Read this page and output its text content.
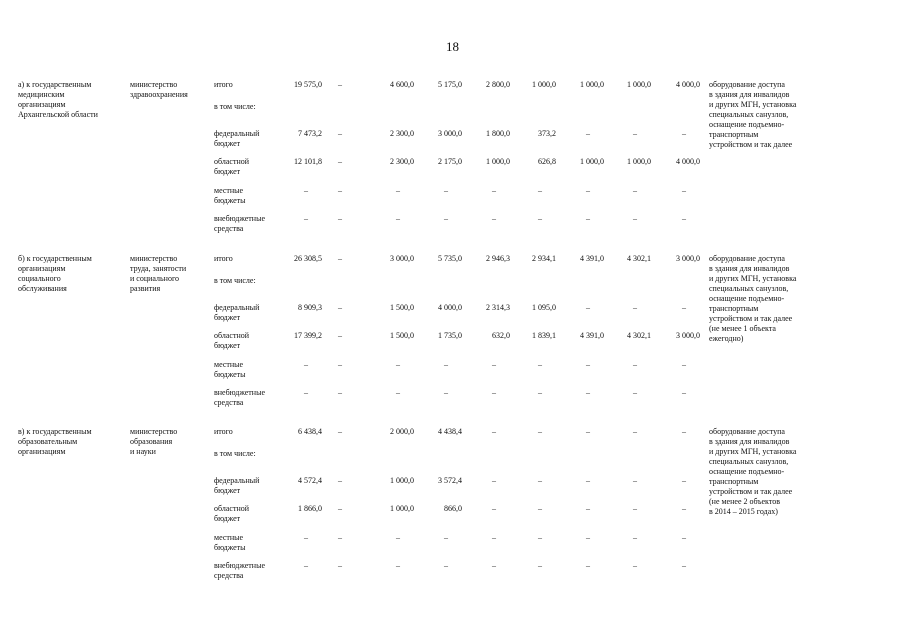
18
а) к государственным
медицинским
организациям
Архангельской области
министерство
здравоохранения
итого	19 575,0	–	4 600,0	5 175,0	2 800,0	1 000,0	1 000,0	1 000,0	4 000,0
в том числе:
федеральный
бюджет
7 473,2	–	2 300,0	3 000,0	1 800,0	373,2	–	–	–
областной
бюджет
12 101,8	–	2 300,0	2 175,0	1 000,0	626,8	1 000,0	1 000,0	4 000,0
местные
бюджеты
–	–	–	–	–	–	–	–	–
внебюджетные
средства
–	–	–	–	–	–	–	–	–
оборудование доступа
в здания для инвалидов
и других МГН, установка
специальных санузлов,
оснащение подъемно-
транспортным
устройством и так далее
б) к государственным
организациям
социального
обслуживания
министерство
труда, занятости
и социального
развития
итого	26 308,5	–	3 000,0	5 735,0	2 946,3	2 934,1	4 391,0	4 302,1	3 000,0
в том числе:
федеральный
бюджет
8 909,3	–	1 500,0	4 000,0	2 314,3	1 095,0	–	–	–
областной
бюджет
17 399,2	–	1 500,0	1 735,0	632,0	1 839,1	4 391,0	4 302,1	3 000,0
местные
бюджеты
–	–	–	–	–	–	–	–	–
внебюджетные
средства
–	–	–	–	–	–	–	–	–
оборудование доступа
в здания для инвалидов
и других МГН, установка
специальных санузлов,
оснащение подъемно-
транспортным
устройством и так далее
(не менее 1 объекта
ежегодно)
в) к государственным
образовательным
организациям
министерство
образования
и науки
итого	6 438,4	–	2 000,0	4 438,4	–	–	–	–	–
в том числе:
федеральный
бюджет
4 572,4	–	1 000,0	3 572,4	–	–	–	–	–
областной
бюджет
1 866,0	–	1 000,0	866,0	–	–	–	–	–
местные
бюджеты
–	–	–	–	–	–	–	–	–
внебюджетные
средства
–	–	–	–	–	–	–	–	–
оборудование доступа
в здания для инвалидов
и других МГН, установка
специальных санузлов,
оснащение подъемно-
транспортным
устройством и так далее
(не менее 2 объектов
в 2014 – 2015 годах)
